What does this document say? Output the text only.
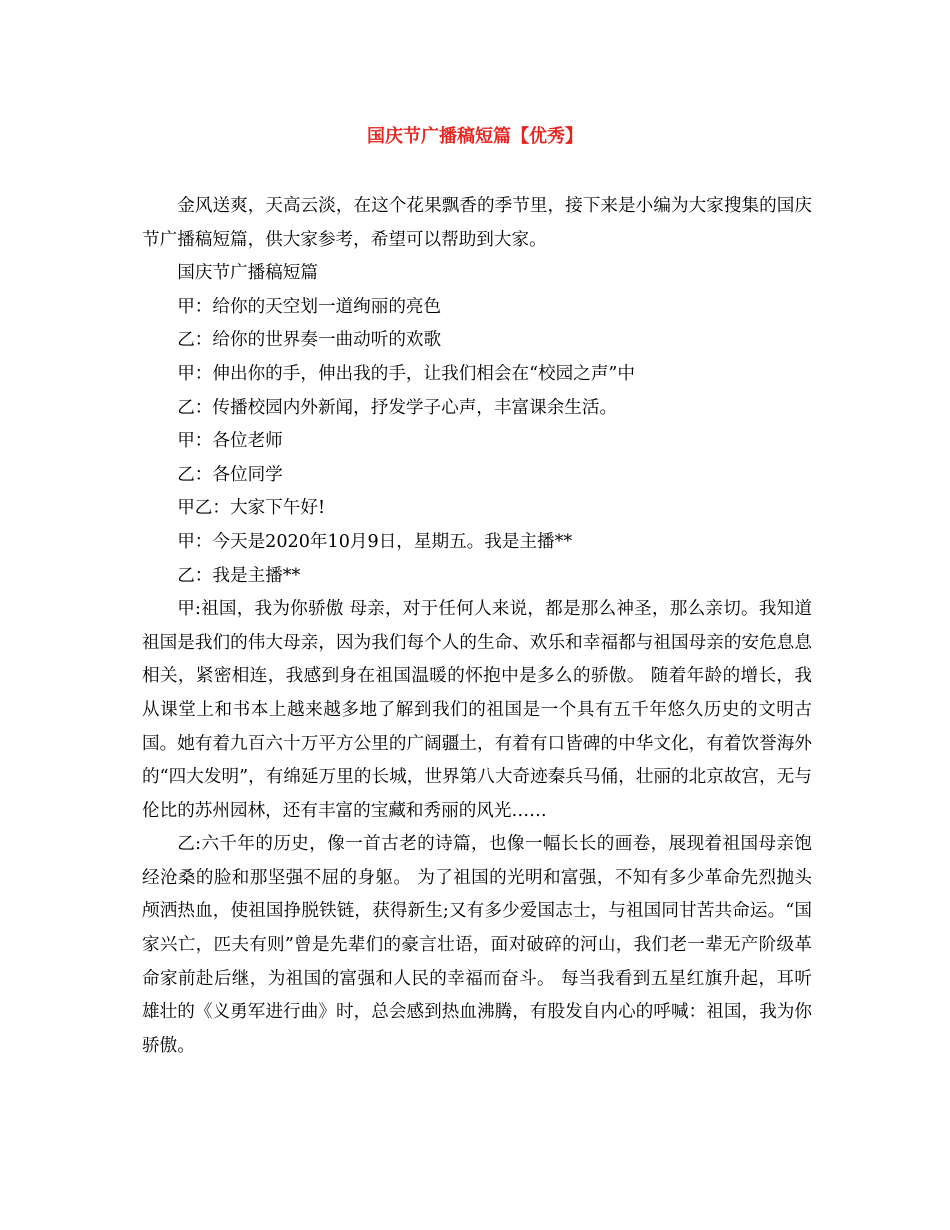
国庆节广播稿短篇【优秀】

金风送爽，天高云淡，在这个花果飘香的季节里，接下来是小编为大家搜集的国庆节广播稿短篇，供大家参考，希望可以帮助到大家。

国庆节广播稿短篇

甲：给你的天空划一道绚丽的亮色

乙：给你的世界奏一曲动听的欢歌

甲：伸出你的手，伸出我的手，让我们相会在“校园之声”中

乙：传播校园内外新闻，抒发学子心声，丰富课余生活。

甲：各位老师

乙：各位同学

甲乙：大家下午好!

甲：今天是2020年10月9日，星期五。我是主播**

乙：我是主播**

甲:祖国，我为你骄傲 母亲，对于任何人来说，都是那么神圣，那么亲切。我知道祖国是我们的伟大母亲，因为我们每个人的生命、欢乐和幸福都与祖国母亲的安危息息相关，紧密相连，我感到身在祖国温暖的怀抱中是多么的骄傲。 随着年龄的增长，我从课堂上和书本上越来越多地了解到我们的祖国是一个具有五千年悠久历史的文明古国。她有着九百六十万平方公里的广阔疆土，有着有口皆碑的中华文化，有着饮誉海外的“四大发明”，有绵延万里的长城，世界第八大奇迹秦兵马俑，壮丽的北京故宫，无与伦比的苏州园林，还有丰富的宝藏和秀丽的风光……

乙:六千年的历史，像一首古老的诗篇，也像一幅长长的画卷，展现着祖国母亲饱经沧桑的脸和那坚强不屈的身躯。 为了祖国的光明和富强，不知有多少革命先烈抛头颅洒热血，使祖国挣脱铁链，获得新生;又有多少爱国志士，与祖国同甘苦共命运。“国家兴亡，匹夫有则”曾是先辈们的豪言壮语，面对破碎的河山，我们老一辈无产阶级革命家前赴后继，为祖国的富强和人民的幸福而奋斗。 每当我看到五星红旗升起，耳听雄壮的《义勇军进行曲》时，总会感到热血沸腾，有股发自内心的呼喊：祖国，我为你骄傲。
